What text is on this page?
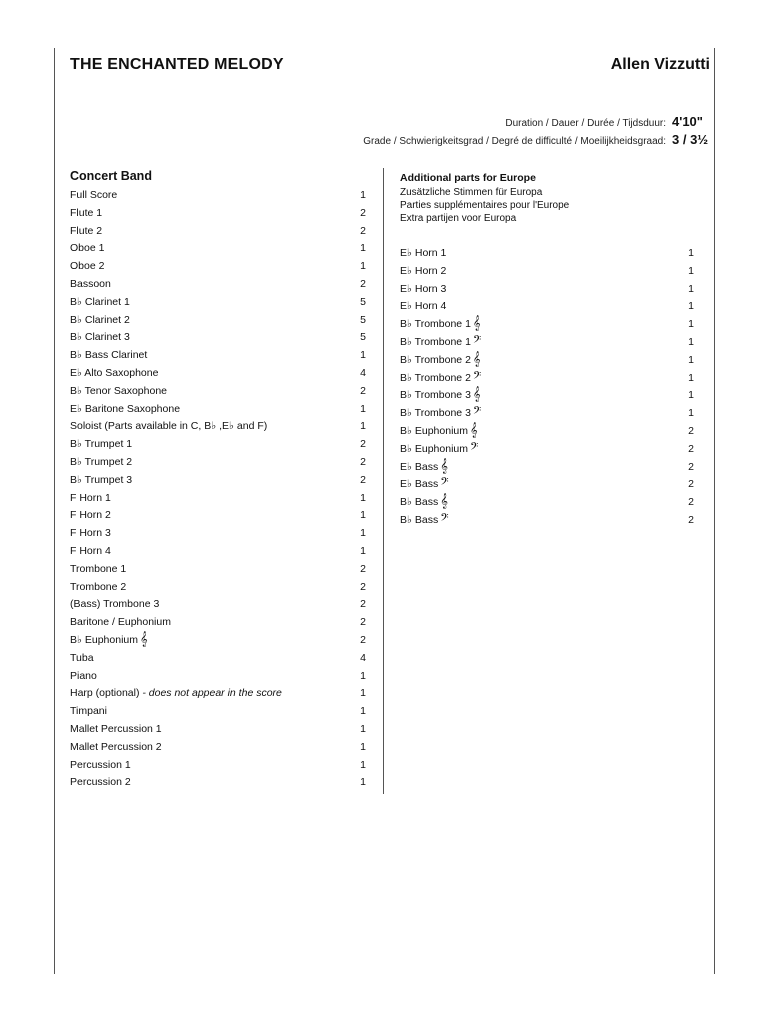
THE ENCHANTED MELODY	Allen Vizzutti
Duration / Dauer / Durée / Tijdsduur: 4'10"
Grade / Schwierigkeitsgrad / Degré de difficulté / Moeilijkheidsgraad: 3 / 3½
Concert Band
Full Score	1
Flute 1	2
Flute 2	2
Oboe 1	1
Oboe 2	1
Bassoon	2
B♭ Clarinet 1	5
B♭ Clarinet 2	5
B♭ Clarinet 3	5
B♭ Bass Clarinet	1
E♭ Alto Saxophone	4
B♭ Tenor Saxophone	2
E♭ Baritone Saxophone	1
Soloist (Parts available in C, B♭ ,E♭ and F)	1
B♭ Trumpet 1	2
B♭ Trumpet 2	2
B♭ Trumpet 3	2
F Horn 1	1
F Horn 2	1
F Horn 3	1
F Horn 4	1
Trombone 1	2
Trombone 2	2
(Bass) Trombone 3	2
Baritone / Euphonium	2
B♭ Euphonium 𝄞	2
Tuba	4
Piano	1
Harp (optional) - does not appear in the score	1
Timpani	1
Mallet Percussion 1	1
Mallet Percussion 2	1
Percussion 1	1
Percussion 2	1
Additional parts for Europe
Zusätzliche Stimmen für Europa
Parties supplémentaires pour l'Europe
Extra partijen voor Europa
E♭ Horn 1	1
E♭ Horn 2	1
E♭ Horn 3	1
E♭ Horn 4	1
B♭ Trombone 1 𝄞	1
B♭ Trombone 1 𝄢	1
B♭ Trombone 2 𝄞	1
B♭ Trombone 2 𝄢	1
B♭ Trombone 3 𝄞	1
B♭ Trombone 3 𝄢	1
B♭ Euphonium 𝄞	2
B♭ Euphonium 𝄢	2
E♭ Bass 𝄞	2
E♭ Bass 𝄢	2
B♭ Bass 𝄞	2
B♭ Bass 𝄢	2
